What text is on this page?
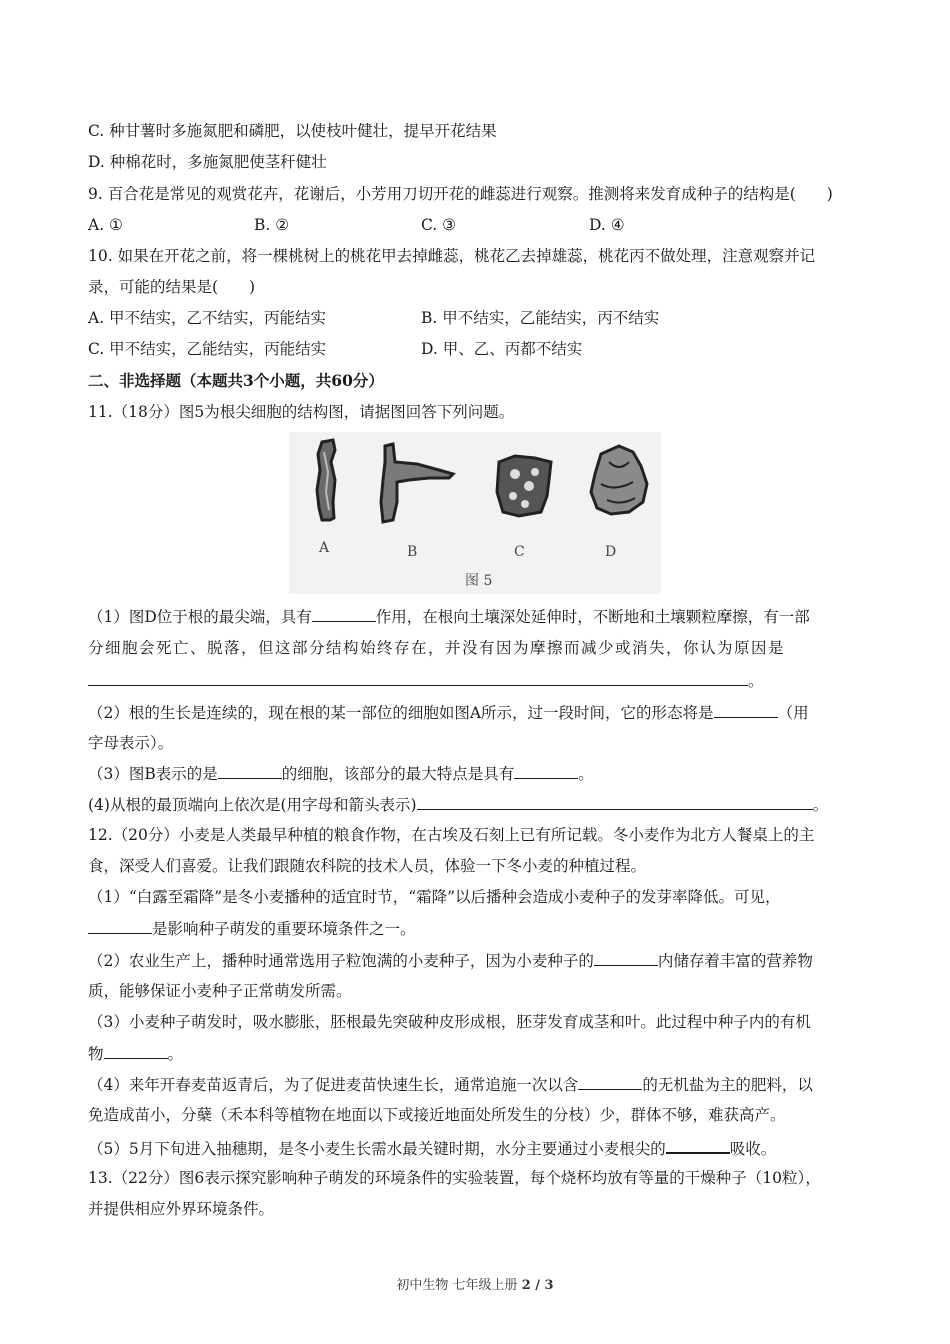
C. 种甘薯时多施氮肥和磷肥，以使枝叶健壮，提早开花结果
D. 种棉花时，多施氮肥使茎秆健壮
9. 百合花是常见的观赏花卉，花谢后，小芳用刀切开花的雌蕊进行观察。推测将来发育成种子的结构是(　　)
A. ①	B. ②	C. ③	D. ④
10. 如果在开花之前，将一棵桃树上的桃花甲去掉雌蕊，桃花乙去掉雄蕊，桃花丙不做处理，注意观察并记
录，可能的结果是(　　)
A. 甲不结实，乙不结实，丙能结实	B. 甲不结实，乙能结实，丙不结实
C. 甲不结实，乙能结实，丙能结实	D. 甲、乙、丙都不结实
二、非选择题（本题共3个小题，共60分）
11.（18分）图5为根尖细胞的结构图，请据图回答下列问题。
A	B	C	D
图 5
（1）图D位于根的最尖端，具有	作用，在根向土壤深处延伸时，不断地和土壤颗粒摩擦，有一部
分细胞会死亡、脱落，但这部分结构始终存在，并没有因为摩擦而减少或消失，你认为原因是
。
（2）根的生长是连续的，现在根的某一部位的细胞如图A所示，过一段时间，它的形态将是	（用
字母表示）。
（3）图B表示的是	的细胞，该部分的最大特点是具有	。
(4)从根的最顶端向上依次是(用字母和箭头表示)	。
12.（20分）小麦是人类最早种植的粮食作物，在古埃及石刻上已有所记载。冬小麦作为北方人餐桌上的主
食，深受人们喜爱。让我们跟随农科院的技术人员，体验一下冬小麦的种植过程。
（1）“白露至霜降”是冬小麦播种的适宜时节，“霜降”以后播种会造成小麦种子的发芽率降低。可见，
是影响种子萌发的重要环境条件之一。
（2）农业生产上，播种时通常选用子粒饱满的小麦种子，因为小麦种子的	内储存着丰富的营养物
质，能够保证小麦种子正常萌发所需。
（3）小麦种子萌发时，吸水膨胀，胚根最先突破种皮形成根，胚芽发育成茎和叶。此过程中种子内的有机
物	。
（4）来年开春麦苗返青后，为了促进麦苗快速生长，通常追施一次以含	的无机盐为主的肥料，以
免造成苗小，分蘖（禾本科等植物在地面以下或接近地面处所发生的分枝）少，群体不够，难获高产。
（5）5月下旬进入抽穗期，是冬小麦生长需水最关键时期，水分主要通过小麦根尖的	吸收。
13.（22分）图6表示探究影响种子萌发的环境条件的实验装置，每个烧杯均放有等量的干燥种子（10粒），
并提供相应外界环境条件。
初中生物 七年级上册 2 / 3
